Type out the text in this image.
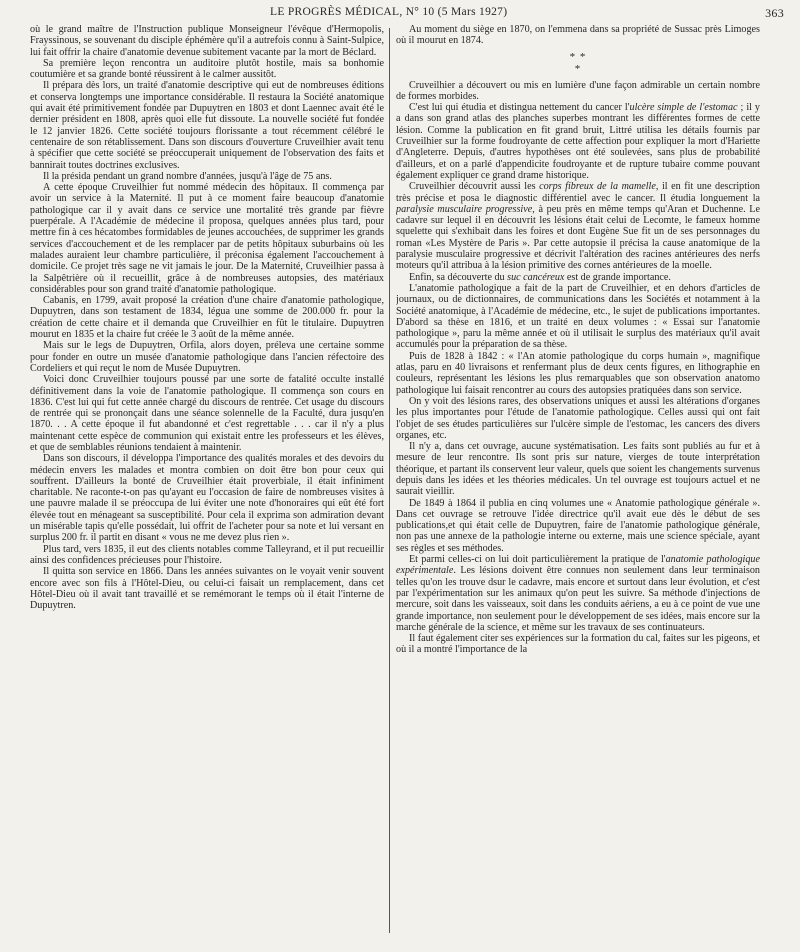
LE PROGRÈS MÉDICAL, N° 10 (5 Mars 1927)	363

où le grand maître de l'Instruction publique Monseigneur l'évêque d'Hermopolis, Frayssinous, se souvenant du disciple éphémère qu'il a autrefois connu à Saint-Sulpice, lui fait offrir la chaire d'anatomie devenue subitement vacante par la mort de Béclard.

Sa première leçon rencontra un auditoire plutôt hostile, mais sa bonhomie coutumière et sa grande bonté réussirent à le calmer aussitôt.

Il prépara dès lors, un traité d'anatomie descriptive qui eut de nombreuses éditions et conserva longtemps une importance considérable. Il restaura la Société anatomique qui avait été primitivement fondée par Dupuytren en 1803 et dont Laennec avait été le dernier président en 1808, après quoi elle fut dissoute. La nouvelle société fut fondée le 12 janvier 1826. Cette société toujours florissante a tout récemment célébré le centenaire de son rétablissement. Dans son discours d'ouverture Cruveilhier avait tenu à spécifier que cette société se préoccuperait uniquement de l'observation des faits et bannirait toutes doctrines exclusives.

Il la présida pendant un grand nombre d'années, jusqu'à l'âge de 75 ans.

A cette époque Cruveilhier fut nommé médecin des hôpitaux. Il commença par avoir un service à la Maternité. Il put à ce moment faire beaucoup d'anatomie pathologique car il y avait dans ce service une mortalité très grande par fièvre puerpérale. A l'Académie de médecine il proposa, quelques années plus tard, pour mettre fin à ces hécatombes formidables de jeunes accouchées, de supprimer les grands services d'accouchement et de les remplacer par de petits hôpitaux suburbains où les malades auraient leur chambre particulière, il préconisa également l'accouchement à domicile. Ce projet très sage ne vit jamais le jour. De la Maternité, Cruveilhier passa à la Salpêtrière où il recueillit, grâce à de nombreuses autopsies, des matériaux considérables pour son grand traité d'anatomie pathologique.

Cabanis, en 1799, avait proposé la création d'une chaire d'anatomie pathologique, Dupuytren, dans son testament de 1834, légua une somme de 200.000 fr. pour la création de cette chaire et il demanda que Cruveilhier en fût le titulaire. Dupuytren mourut en 1835 et la chaire fut créée le 3 août de la même année.

Mais sur le legs de Dupuytren, Orfila, alors doyen, préleva une certaine somme pour fonder en outre un musée d'anatomie pathologique dans l'ancien réfectoire des Cordeliers et qui reçut le nom de Musée Dupuytren.

Voici donc Cruveilhier toujours poussé par une sorte de fatalité occulte installé définitivement dans la voie de l'anatomie pathologique. Il commença son cours en 1836. C'est lui qui fut cette année chargé du discours de rentrée. Cet usage du discours de rentrée qui se prononçait dans une séance solennelle de la Faculté, dura jusqu'en 1870. . . A cette époque il fut abandonné et c'est regrettable . . . car il n'y a plus maintenant cette espèce de communion qui existait entre les professeurs et les élèves, et que de semblables réunions tendaient à maintenir.

Dans son discours, il développa l'importance des qualités morales et des devoirs du médecin envers les malades et montra combien on doit être bon pour ceux qui souffrent. D'ailleurs la bonté de Cruveilhier était proverbiale, il était infiniment charitable. Ne raconte-t-on pas qu'ayant eu l'occasion de faire de nombreuses visites à une pauvre malade il se préoccupa de lui éviter une note d'honoraires qui eût été fort élevée tout en ménageant sa susceptibilité. Pour cela il exprima son admiration devant un misérable tapis qu'elle possédait, lui offrit de l'acheter pour sa note et lui versant en surplus 200 fr. il partit en disant « vous ne me devez plus rien ».

Plus tard, vers 1835, il eut des clients notables comme Talleyrand, et il put recueillir ainsi des confidences précieuses pour l'histoire.

Il quitta son service en 1866. Dans les années suivantes on le voyait venir souvent encore avec son fils à l'Hôtel-Dieu, ou celui-ci faisait un remplacement, dans cet Hôtel-Dieu où il avait tant travaillé et se remémorant le temps où il était l'interne de Dupuytren.

Au moment du siège en 1870, on l'emmena dans sa propriété de Sussac près Limoges où il mourut en 1874.

* *
*

Cruveilhier a découvert ou mis en lumière d'une façon admirable un certain nombre de formes morbides.

C'est lui qui étudia et distingua nettement du cancer l'ulcère simple de l'estomac ; il y a dans son grand atlas des planches superbes montrant les différentes formes de cette lésion. Comme la publication en fit grand bruit, Littré utilisa les détails fournis par Cruveilhier sur la forme foudroyante de cette affection pour expliquer la mort d'Hariette d'Angleterre. Depuis, d'autres hypothèses ont été soulevées, sans plus de probabilité d'ailleurs, et on a parlé d'appendicite foudroyante et de rupture tubaire comme pouvant également expliquer ce grand drame historique.

Cruveilhier découvrit aussi les corps fibreux de la mamelle, il en fit une description très précise et posa le diagnostic différentiel avec le cancer. Il étudia longuement la paralysie musculaire progressive, à peu près en même temps qu'Aran et Duchenne. Le cadavre sur lequel il en découvrit les lésions était celui de Lecomte, le fameux homme squelette qui s'exhibait dans les foires et dont Eugène Sue fit un de ses personnages du roman «Les Mystère de Paris ». Par cette autopsie il précisa la cause anatomique de la paralysie musculaire progressive et décrivit l'altération des racines antérieures des nerfs moteurs qu'il attribua à la lésion primitive des cornes antérieures de la moelle.

Enfin, sa découverte du suc cancéreux est de grande importance.

L'anatomie pathologique a fait de la part de Cruveilhier, et en dehors d'articles de journaux, ou de dictionnaires, de communications dans les Sociétés et notamment à la Société anatomique, à l'Académie de médecine, etc., le sujet de publications importantes. D'abord sa thèse en 1816, et un traité en deux volumes : « Essai sur l'anatomie pathologique », paru la même année et où il utilisait le surplus des matériaux qu'il avait accumulés pour la préparation de sa thèse.

Puis de 1828 à 1842 : « l'An atomie pathologique du corps humain », magnifique atlas, paru en 40 livraisons et renfermant plus de deux cents figures, en lithographie en couleurs, représentant les lésions les plus remarquables que son observation anatomo pathologique lui faisait rencontrer au cours des autopsies pratiquées dans son service.

On y voit des lésions rares, des observations uniques et aussi les altérations d'organes les plus importantes pour l'étude de l'anatomie pathologique. Celles aussi qui ont fait l'objet de ses études particulières sur l'ulcère simple de l'estomac, les cancers des divers organes, etc.

Il n'y a, dans cet ouvrage, aucune systématisation. Les faits sont publiés au fur et à mesure de leur rencontre. Ils sont pris sur nature, vierges de toute interprétation théorique, et partant ils conservent leur valeur, quels que soient les changements survenus depuis dans les idées et les théories médicales. Un tel ouvrage est toujours actuel et ne saurait vieillir.

De 1849 à 1864 il publia en cinq volumes une « Anatomie pathologique générale ». Dans cet ouvrage se retrouve l'idée directrice qu'il avait eue dès le début de ses publications,et qui était celle de Dupuytren, faire de l'anatomie pathologique générale, non pas une annexe de la pathologie interne ou externe, mais une science spéciale, ayant ses règles et ses méthodes.

Et parmi celles-ci on lui doit particulièrement la pratique de l'anatomie pathologique expérimentale. Les lésions doivent être connues non seulement dans leur terminaison telles qu'on les trouve dsur le cadavre, mais encore et surtout dans leur évolution, et c'est par l'expérimentation sur les animaux qu'on peut les suivre. Sa méthode d'injections de mercure, soit dans les vaisseaux, soit dans les conduits aériens, a eu à ce point de vue une grande importance, non seulement pour le développement de ses idées, mais encore sur la marche générale de la science, et même sur les travaux de ses continuateurs.

Il faut également citer ses expériences sur la formation du cal, faites sur les pigeons, et où il a montré l'importance de la
